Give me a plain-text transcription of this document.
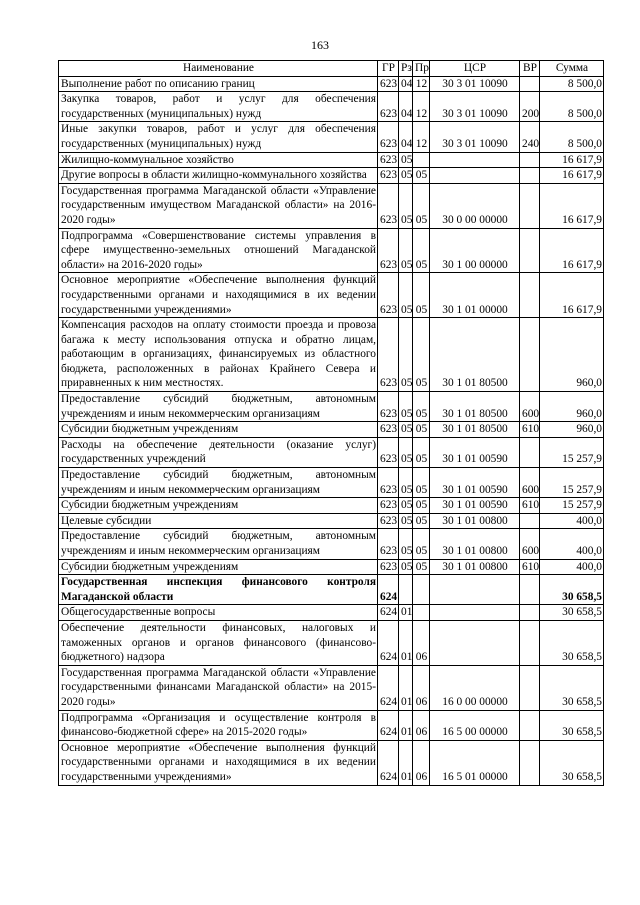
163
Наименование	ГР	Рз	Пр	ЦСР	ВР	Сумма
Выполнение работ по описанию границ	623	04	12	30 3 01 10090		8 500,0
Закупка товаров, работ и услуг для обеспечения государственных (муниципальных) нужд	623	04	12	30 3 01 10090	200	8 500,0
Иные закупки товаров, работ и услуг для обеспечения государственных (муниципальных) нужд	623	04	12	30 3 01 10090	240	8 500,0
Жилищно-коммунальное хозяйство	623	05				16 617,9
Другие вопросы в области жилищно-коммунального хозяйства	623	05	05			16 617,9
Государственная программа Магаданской области «Управление государственным имуществом Магаданской области» на 2016-2020 годы»	623	05	05	30 0 00 00000		16 617,9
Подпрограмма «Совершенствование системы управления в сфере имущественно-земельных отношений Магаданской области» на 2016-2020 годы»	623	05	05	30 1 00 00000		16 617,9
Основное мероприятие «Обеспечение выполнения функций государственными органами и находящимися в их ведении государственными учреждениями»	623	05	05	30 1 01 00000		16 617,9
Компенсация расходов на оплату стоимости проезда и провоза багажа к месту использования отпуска и обратно лицам, работающим в организациях, финансируемых из областного бюджета, расположенных в районах Крайнего Севера и приравненных к ним местностях.	623	05	05	30 1 01 80500		960,0
Предоставление субсидий бюджетным, автономным учреждениям и иным некоммерческим организациям	623	05	05	30 1 01 80500	600	960,0
Субсидии бюджетным учреждениям	623	05	05	30 1 01 80500	610	960,0
Расходы на обеспечение деятельности (оказание услуг) государственных учреждений	623	05	05	30 1 01 00590		15 257,9
Предоставление субсидий бюджетным, автономным учреждениям и иным некоммерческим организациям	623	05	05	30 1 01 00590	600	15 257,9
Субсидии бюджетным учреждениям	623	05	05	30 1 01 00590	610	15 257,9
Целевые субсидии	623	05	05	30 1 01 00800		400,0
Предоставление субсидий бюджетным, автономным учреждениям и иным некоммерческим организациям	623	05	05	30 1 01 00800	600	400,0
Субсидии бюджетным учреждениям	623	05	05	30 1 01 00800	610	400,0
Государственная инспекция финансового контроля Магаданской области	624					30 658,5
Общегосударственные вопросы	624	01				30 658,5
Обеспечение деятельности финансовых, налоговых и таможенных органов и органов финансового (финансово-бюджетного) надзора	624	01	06			30 658,5
Государственная программа Магаданской области «Управление государственными финансами Магаданской области» на 2015-2020 годы»	624	01	06	16 0 00 00000		30 658,5
Подпрограмма «Организация и осуществление контроля в финансово-бюджетной сфере» на 2015-2020 годы»	624	01	06	16 5 00 00000		30 658,5
Основное мероприятие «Обеспечение выполнения функций государственными органами и находящимися в их ведении государственными учреждениями»	624	01	06	16 5 01 00000		30 658,5
